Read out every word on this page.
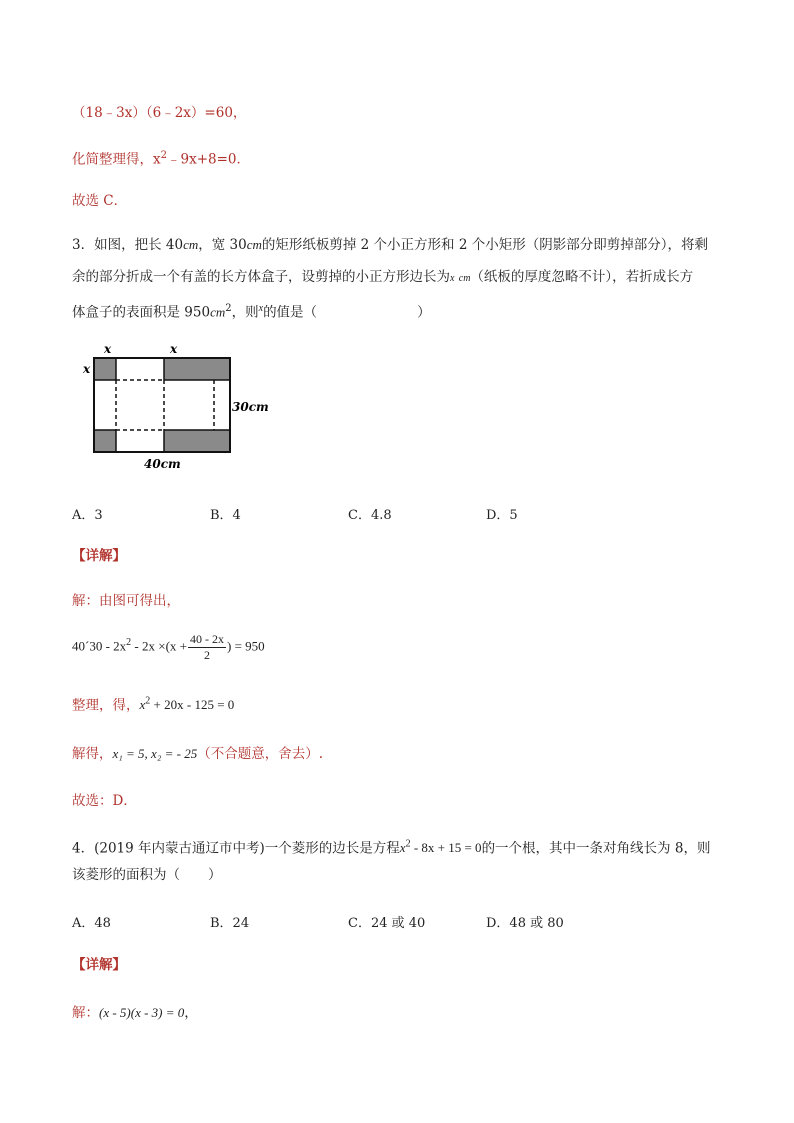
（18﹣3x）（6﹣2x）=60，
化简整理得，$x^2﹣9x+8=0$．
故选 C．
3．如图，把长 40cm，宽 30cm的矩形纸板剪掉 2 个小正方形和 2 个小矩形（阴影部分即剪掉部分），将剩
余的部分折成一个有盖的长方体盒子，设剪掉的小正方形边长为x cm（纸板的厚度忽略不计），若折成长方
体盒子的表面积是 $950cm^2$，则$^x$的值是（	）
x	x
x
30cm
40cm
A．3	B．4	C．4.8	D．5
【详解】
解：由图可得出，
40´30 - $2x^2 - 2x \times(x + \frac{40 - 2x}{2}$ ) = 950
整理，得，$x^2 + 20x - 125 = 0$
解得，x₁ = 5, x₂ = - 25（不合题意，舍去）.
故选：D．
4．(2019 年内蒙古通辽市中考)一个菱形的边长是方程$x^2 - 8x + 15 = 0$的一个根，其中一条对角线长为 8，则
该菱形的面积为（ ）
A．48	B．24	C．24 或 40	D．48 或 80
【详解】
解：(x - 5)(x - 3) = 0，
